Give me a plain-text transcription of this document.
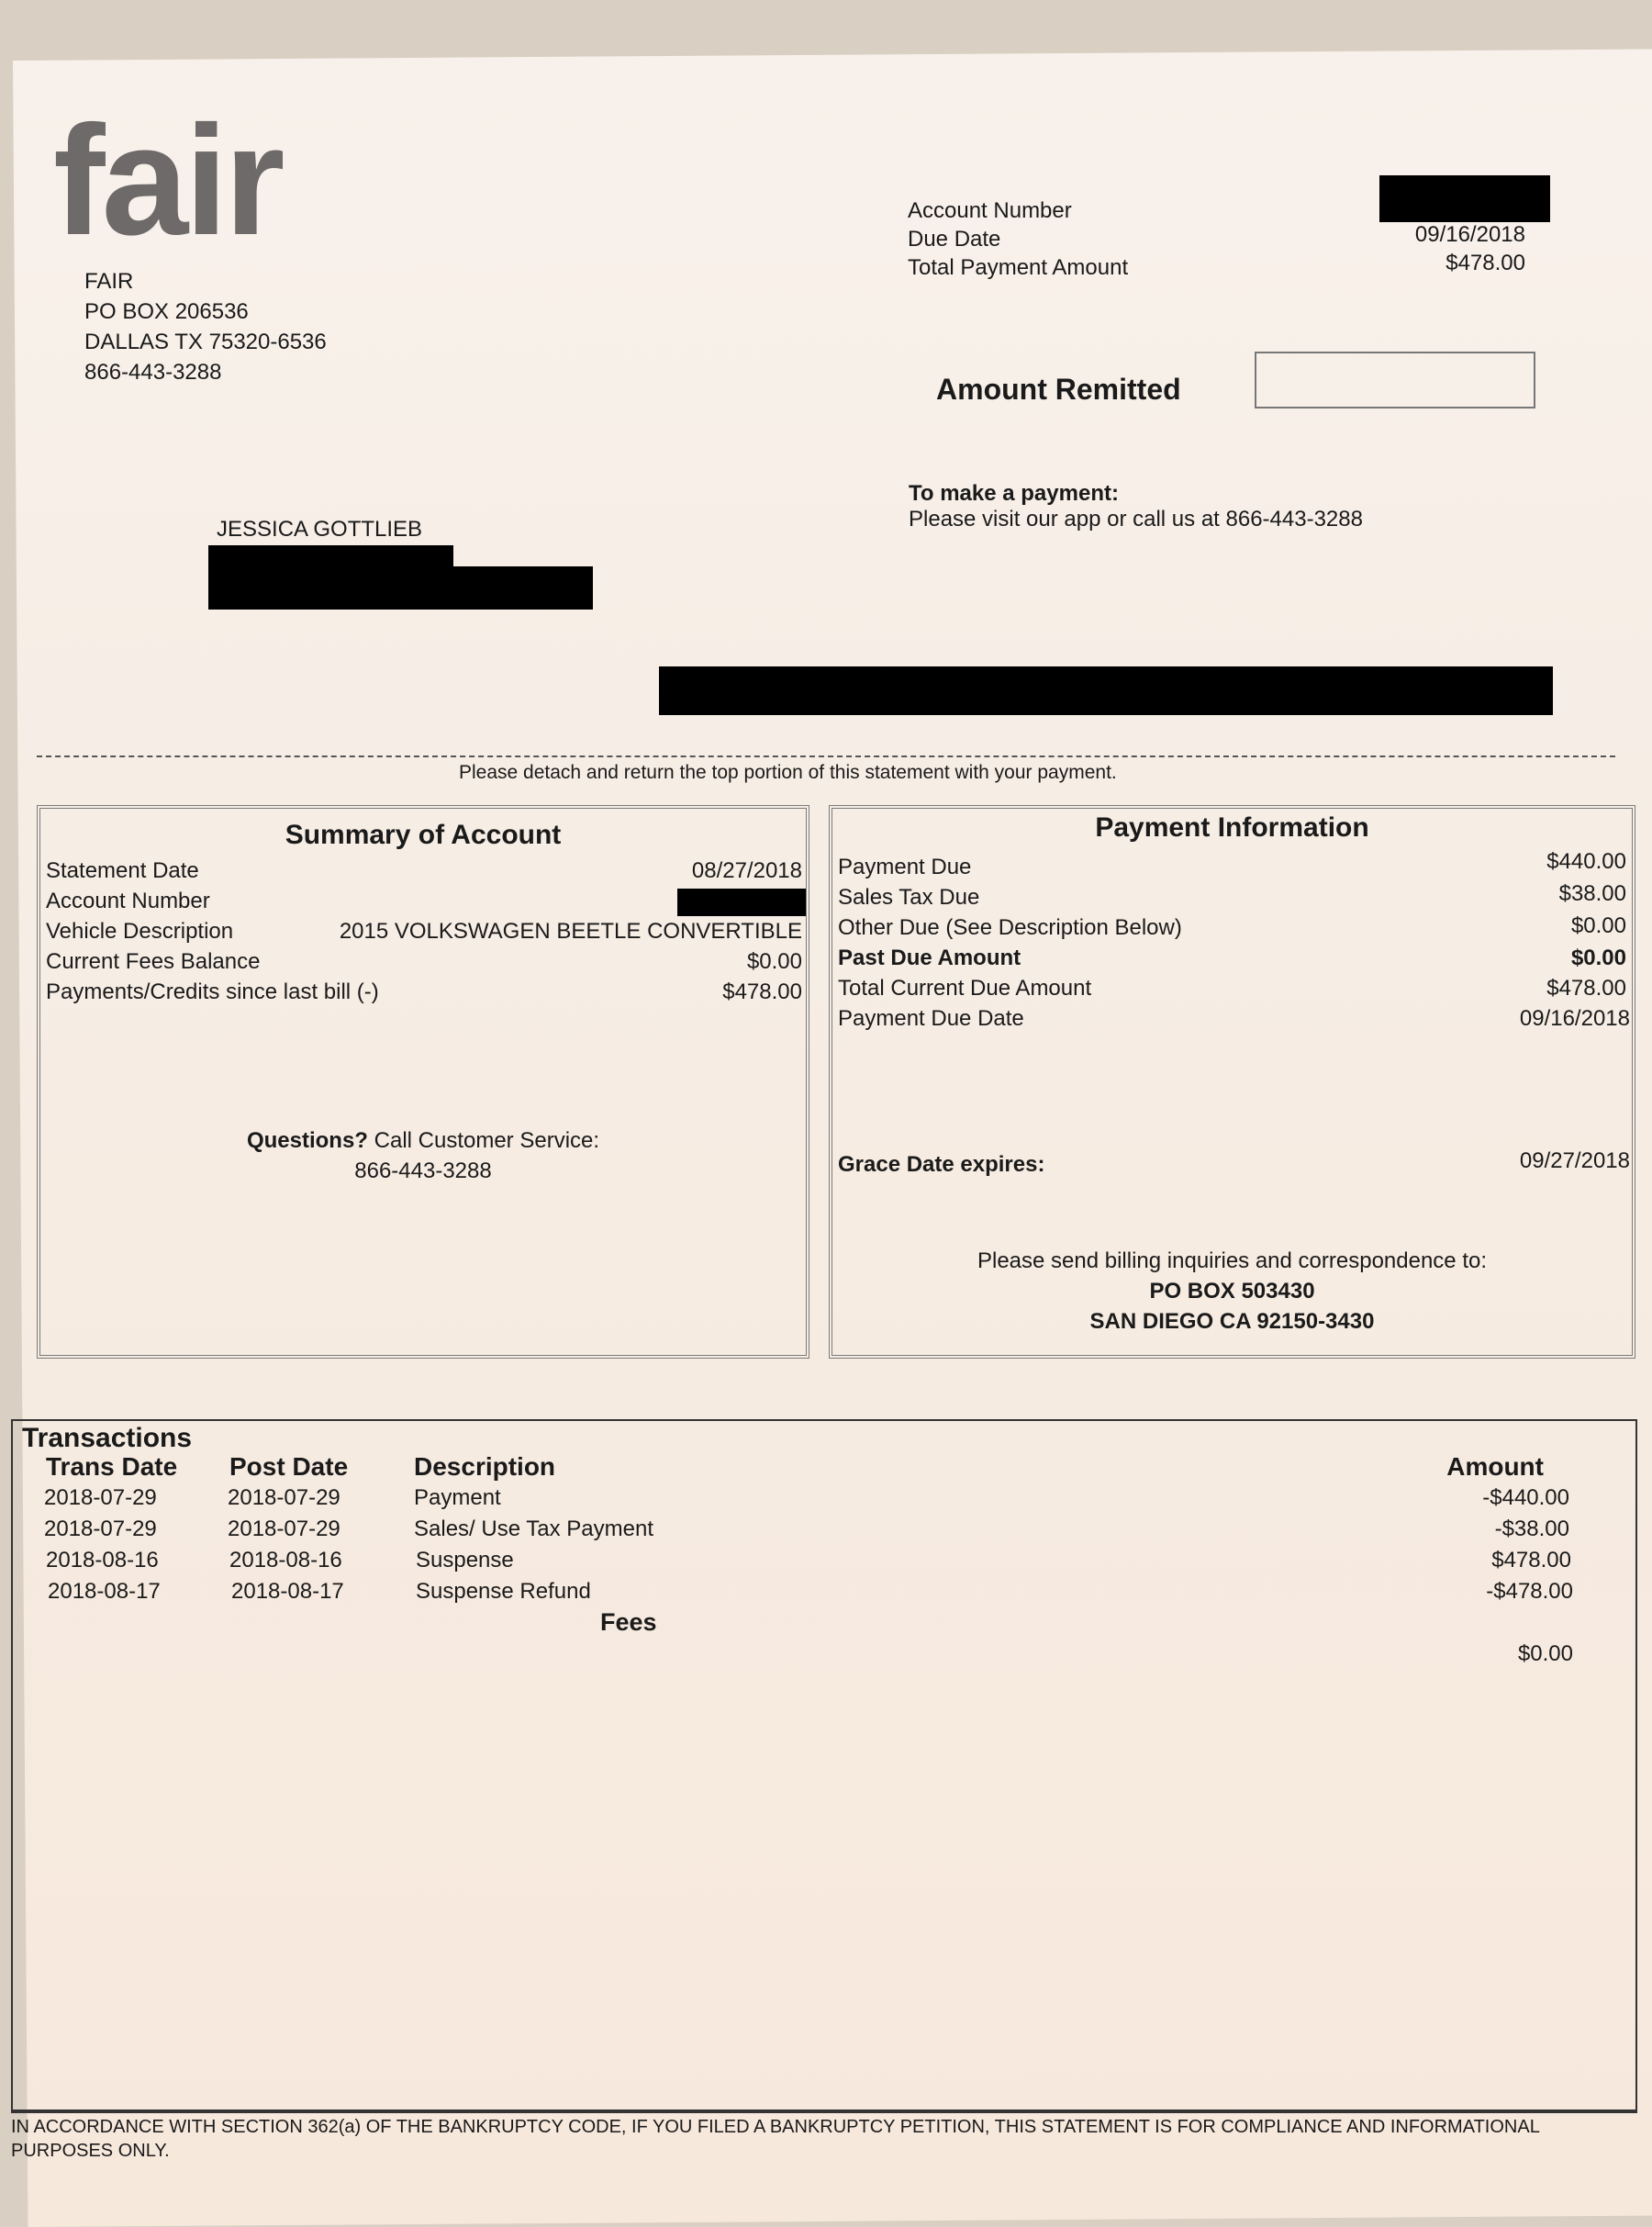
fair
FAIR
PO BOX 206536
DALLAS TX 75320-6536
866-443-3288
Account Number
Due Date	09/16/2018
Total Payment Amount	$478.00
Amount Remitted
To make a payment:
Please visit our app or call us at 866-443-3288
JESSICA GOTTLIEB
Please detach and return the top portion of this statement with your payment.
Summary of Account
Statement Date	08/27/2018
Account Number
Vehicle Description	2015 VOLKSWAGEN BEETLE CONVERTIBLE
Current Fees Balance	$0.00
Payments/Credits since last bill (-)	$478.00
Questions? Call Customer Service:
866-443-3288
Payment Information
Payment Due	$440.00
Sales Tax Due	$38.00
Other Due (See Description Below)	$0.00
Past Due Amount	$0.00
Total Current Due Amount	$478.00
Payment Due Date	09/16/2018
Grace Date expires:	09/27/2018
Please send billing inquiries and correspondence to:
PO BOX 503430
SAN DIEGO CA 92150-3430
Transactions
Trans Date Post Date	Description	Amount
2018-07-29	2018-07-29	Payment	-$440.00
2018-07-29	2018-07-29	Sales/ Use Tax Payment	-$38.00
2018-08-16	2018-08-16	Suspense	$478.00
2018-08-17	2018-08-17	Suspense Refund	-$478.00
Fees
$0.00
IN ACCORDANCE WITH SECTION 362(a) OF THE BANKRUPTCY CODE, IF YOU FILED A BANKRUPTCY PETITION, THIS STATEMENT IS FOR COMPLIANCE AND INFORMATIONAL PURPOSES ONLY.
